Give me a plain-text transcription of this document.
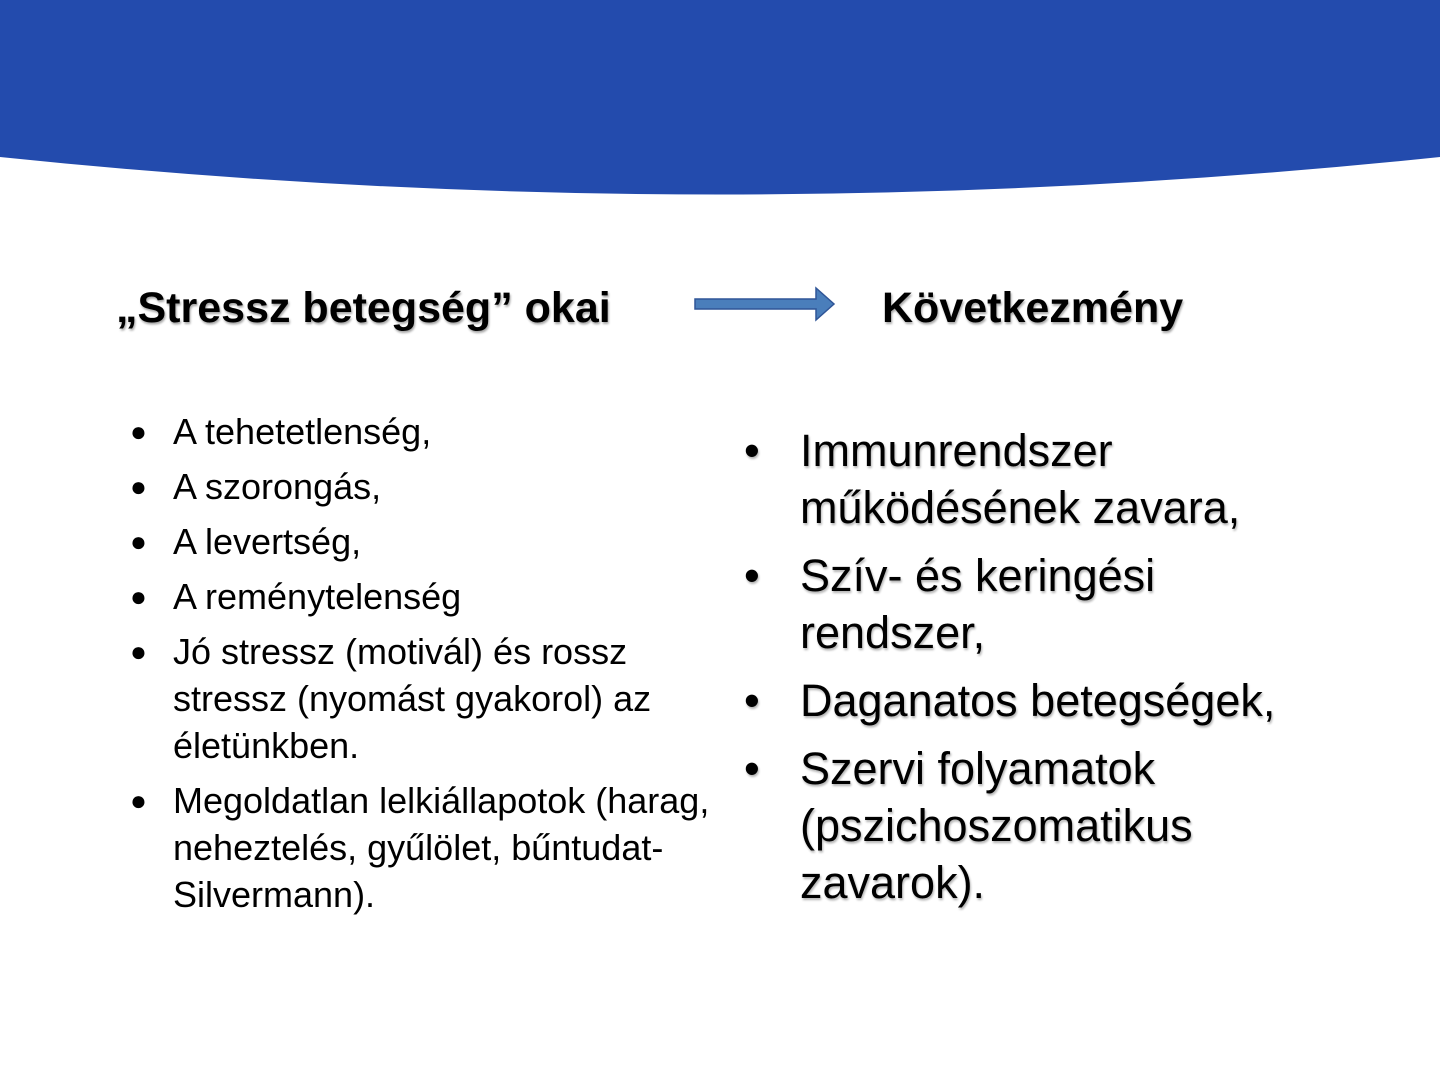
„Stressz betegség” okai	Következmény
● A tehetetlenség,
● A szorongás,
● A levertség,
● A reménytelenség
● Jó stressz (motivál) és rossz stressz (nyomást gyakorol) az életünkben.
● Megoldatlan lelkiállapotok (harag, neheztelés, gyűlölet, bűntudat- Silvermann).
• Immunrendszer működésének zavara,
• Szív- és keringési rendszer,
• Daganatos betegségek,
• Szervi folyamatok (pszichoszomatikus zavarok).
